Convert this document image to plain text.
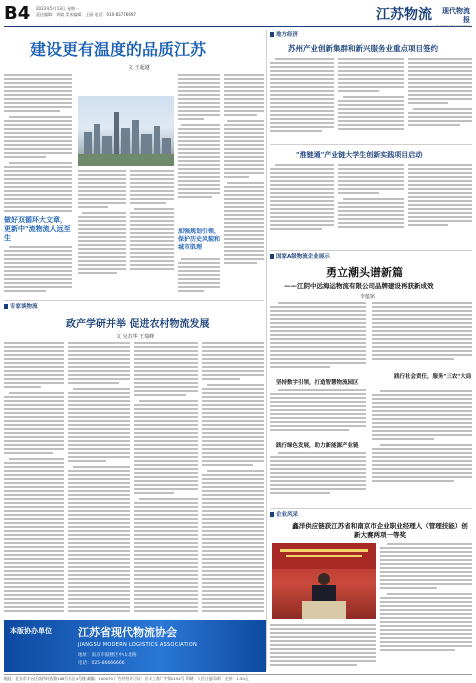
B4 2023年5月13日 星期一
责任编辑：刘婧 美术编辑：王丽 电话：010-83776697	江苏物流	现代物流报
XIANDAI WULIU BAO
建设更有温度的品质江苏
文 王超越
做好双循环大文章，更新中"流物流人远至生
加强规划引领，保护历史风貌和城市肌理
专家谈物流
政产学研并举 促进农村物流发展
文 吴苏华 王瑞峰
本版协办单位	江苏省现代物流协会
JIANGSU MODERN LOGISTICS ASSOCIATION
地址：南京市鼓楼区中山北路
电话：025-86666666
地方经济
苏州产业创新集群和新兴服务业重点项目签约
"淮链通"产业链大学生创新实践项目启动
国家A级物流企业展示
勇立潮头谱新篇
——江阴中远海运物流有限公司品牌建设再获新成效
李蕴铭
坚持数字引领，打造智慧物流园区
践行绿色发展，助力新能源产业链
践行社会责任，服务"三农"大局
企业风采
鑫洋供应链获江苏省和南京市企业职业经理人（管理技能）创新大赛两项一等奖
地址：北京市丰台区南四环西路188号五区4号楼 邮编：100070 广告经营许可证：京丰工商广字第0154号 印刷：人民日报印刷厂 定价：1.50元
